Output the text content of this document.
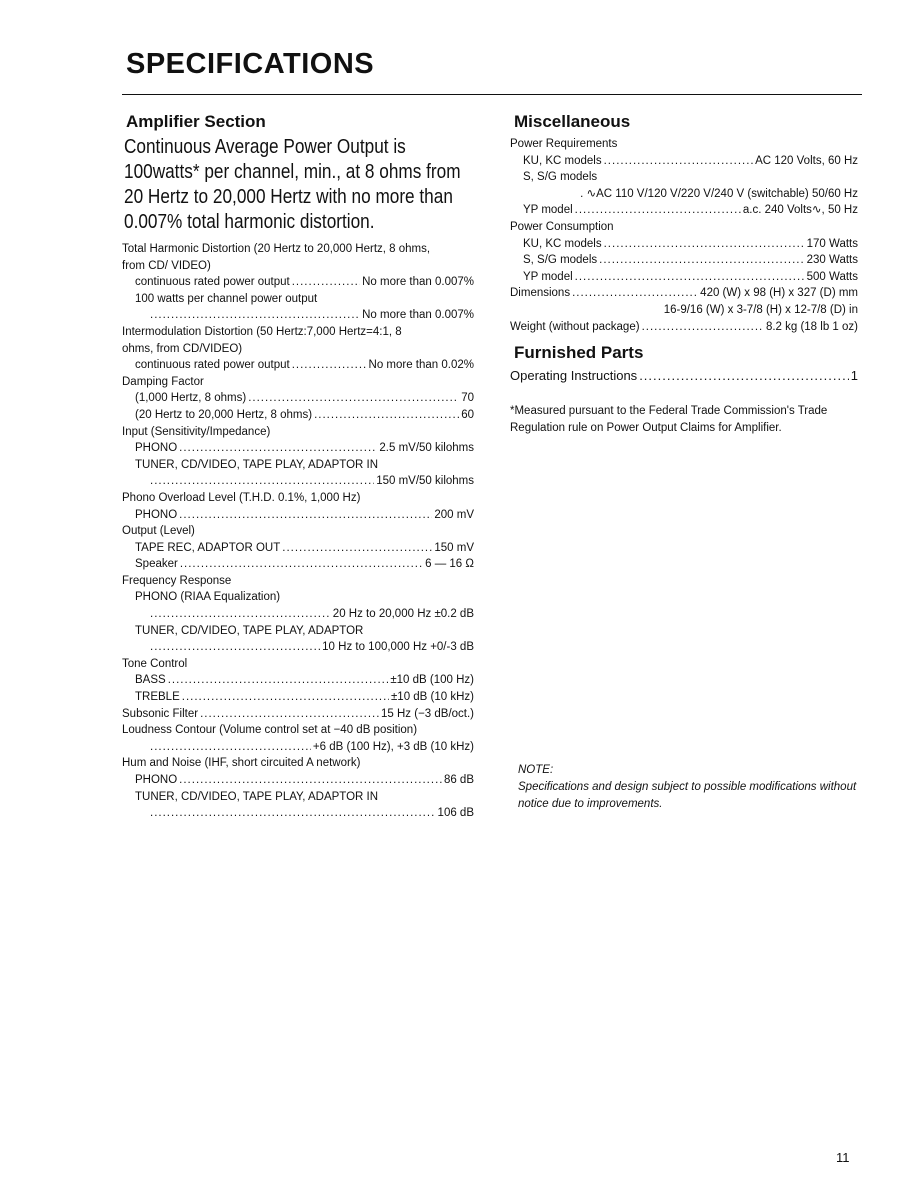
SPECIFICATIONS
Amplifier Section
Continuous Average Power Output is 100watts* per channel, min., at 8 ohms from 20 Hertz to 20,000 Hertz with no more than 0.007% total harmonic distortion.
Total Harmonic Distortion (20 Hertz to 20,000 Hertz, 8 ohms,
from CD/ VIDEO)
continuous rated power output .....	No more than 0.007%
100 watts per channel power output
.....
No more than 0.007%
Intermodulation Distortion (50 Hertz:7,000 Hertz=4:1, 8
ohms, from CD/VIDEO)
continuous rated power output .....	No more than 0.02%
Damping Factor
(1,000 Hertz, 8 ohms) .....	70
(20 Hertz to 20,000 Hertz, 8 ohms) .....	60
Input (Sensitivity/Impedance)
PHONO .....	2.5 mV/50 kilohms
TUNER, CD/VIDEO, TAPE PLAY, ADAPTOR IN
.....
150 mV/50 kilohms
Phono Overload Level (T.H.D. 0.1%, 1,000 Hz)
PHONO .....	200 mV
Output (Level)
TAPE REC, ADAPTOR OUT .....	150 mV
Speaker .....	6 — 16 Ω
Frequency Response
PHONO (RIAA Equalization)
.....
20 Hz to 20,000 Hz ±0.2 dB
TUNER, CD/VIDEO, TAPE PLAY, ADAPTOR
.....
10 Hz to 100,000 Hz +0/-3 dB
Tone Control
BASS .....	±10 dB (100 Hz)
TREBLE .....	±10 dB (10 kHz)
Subsonic Filter .....	15 Hz (−3 dB/oct.)
Loudness Contour (Volume control set at −40 dB position)
.....
+6 dB (100 Hz), +3 dB (10 kHz)
Hum and Noise (IHF, short circuited A network)
PHONO .....	86 dB
TUNER, CD/VIDEO, TAPE PLAY, ADAPTOR IN
.....
106 dB
Miscellaneous
Power Requirements
KU, KC models .....	AC 120 Volts, 60 Hz
S, S/G models
. ∿AC 110 V/120 V/220 V/240 V (switchable) 50/60 Hz
YP model .....	a.c. 240 Volts∿, 50 Hz
Power Consumption
KU, KC models .....	170 Watts
S, S/G models .....	230 Watts
YP model .....	500 Watts
Dimensions .....	420 (W) x 98 (H) x 327 (D) mm
16-9/16 (W) x 3-7/8 (H) x 12-7/8 (D) in
Weight (without package) .....	8.2 kg (18 lb 1 oz)
Furnished Parts
Operating Instructions .....	1
*Measured pursuant to the Federal Trade Commission's Trade Regulation rule on Power Output Claims for Amplifier.
NOTE:
Specifications and design subject to possible modifications without notice due to improvements.
11
